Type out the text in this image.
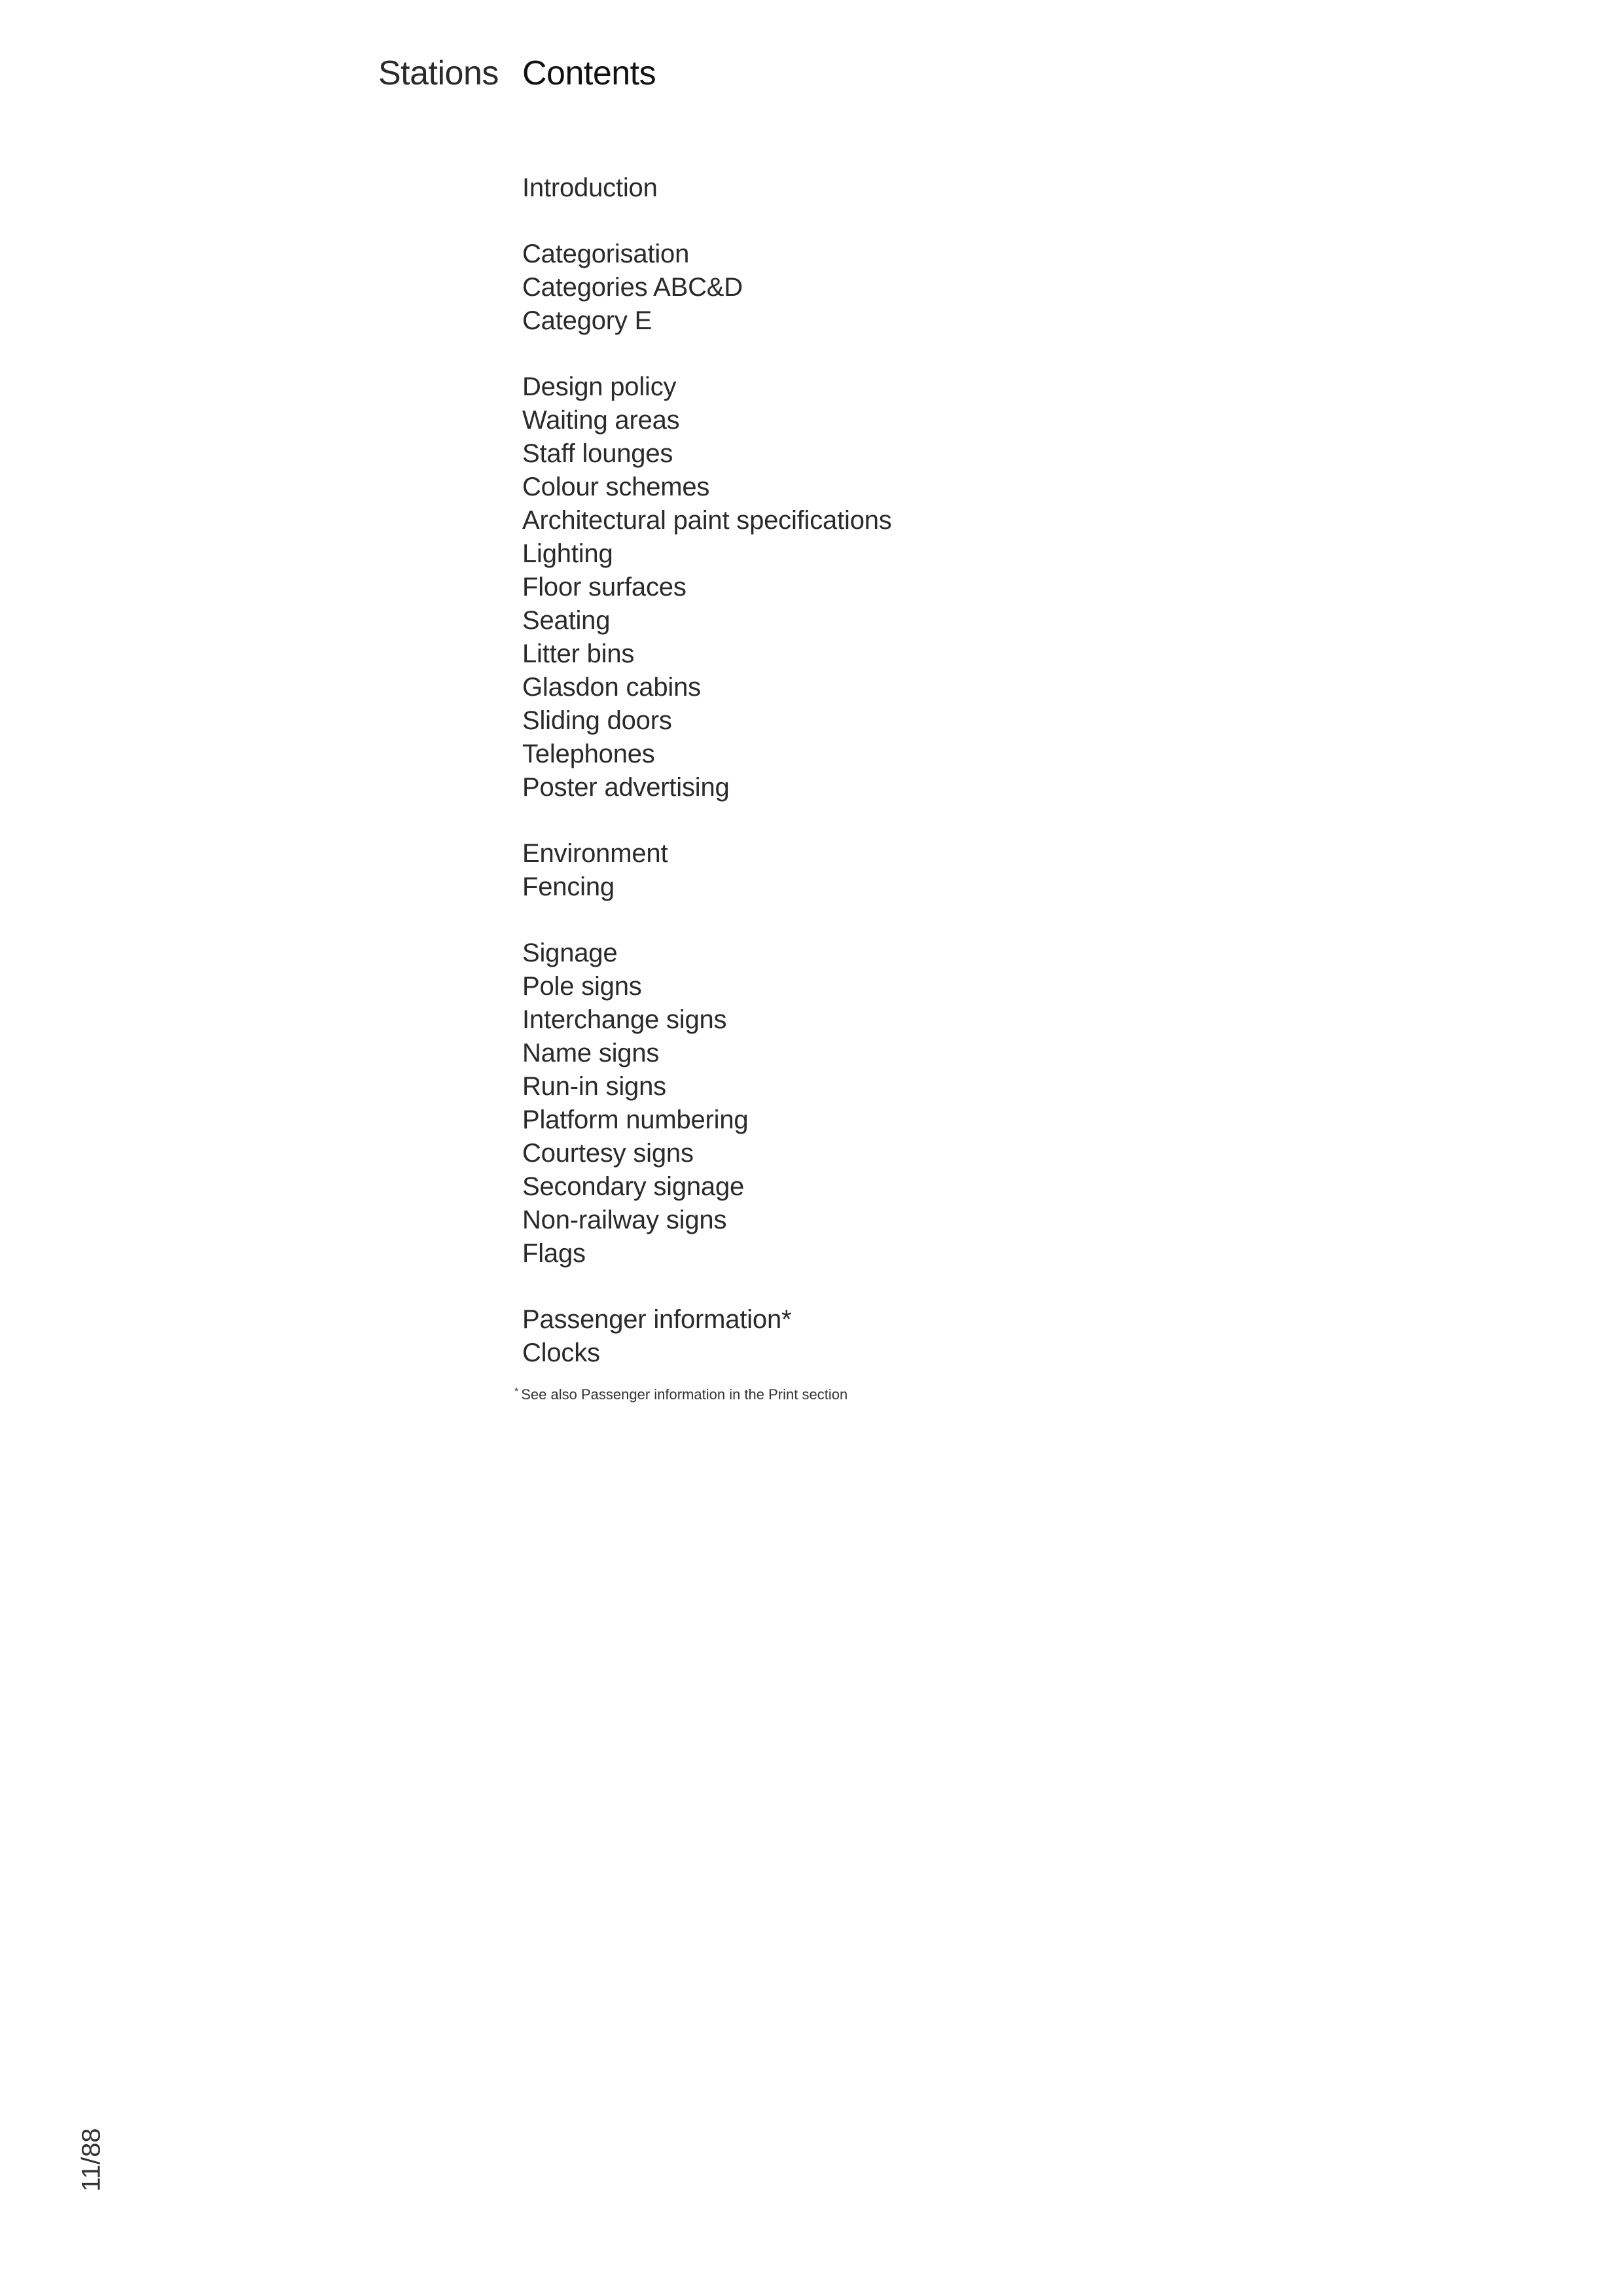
Stations Contents
Introduction
Categorisation
Categories ABC&D
Category E
Design policy
Waiting areas
Staff lounges
Colour schemes
Architectural paint specifications
Lighting
Floor surfaces
Seating
Litter bins
Glasdon cabins
Sliding doors
Telephones
Poster advertising
Environment
Fencing
Signage
Pole signs
Interchange signs
Name signs
Run-in signs
Platform numbering
Courtesy signs
Secondary signage
Non-railway signs
Flags
Passenger information*
Clocks
* See also Passenger information in the Print section
11/88
